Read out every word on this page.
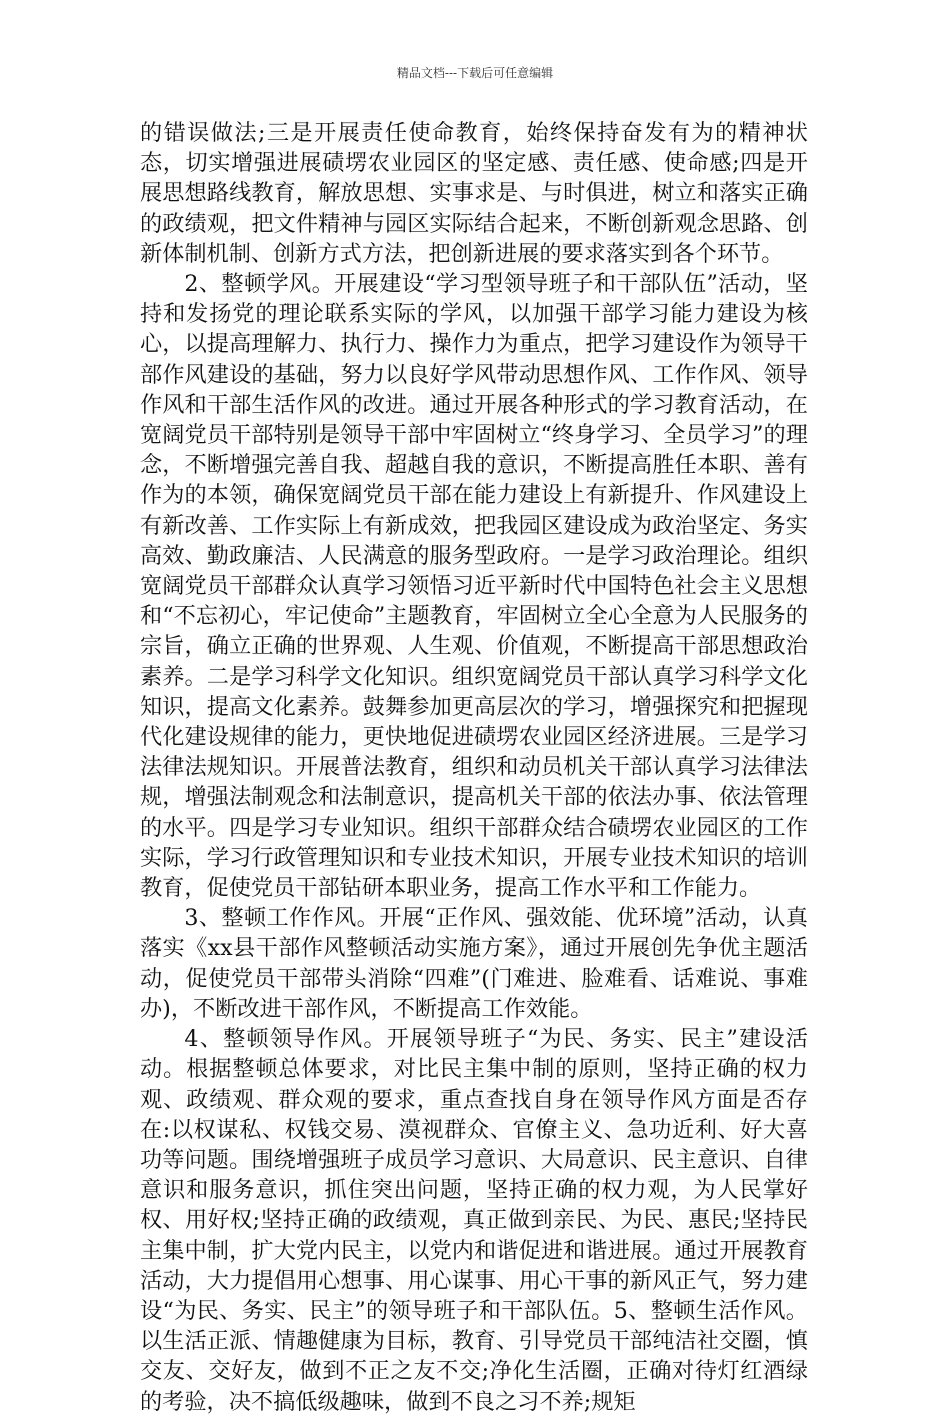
精品文档---下载后可任意编辑

的错误做法;三是开展责任使命教育，始终保持奋发有为的精神状态，切实增强进展碛塄农业园区的坚定感、责任感、使命感;四是开展思想路线教育，解放思想、实事求是、与时俱进，树立和落实正确的政绩观，把文件精神与园区实际结合起来，不断创新观念思路、创新体制机制、创新方式方法，把创新进展的要求落实到各个环节。

2、整顿学风。开展建设“学习型领导班子和干部队伍”活动，坚持和发扬党的理论联系实际的学风，以加强干部学习能力建设为核心，以提高理解力、执行力、操作力为重点，把学习建设作为领导干部作风建设的基础，努力以良好学风带动思想作风、工作作风、领导作风和干部生活作风的改进。通过开展各种形式的学习教育活动，在宽阔党员干部特别是领导干部中牢固树立“终身学习、全员学习”的理念，不断增强完善自我、超越自我的意识，不断提高胜任本职、善有作为的本领，确保宽阔党员干部在能力建设上有新提升、作风建设上有新改善、工作实际上有新成效，把我园区建设成为政治坚定、务实高效、勤政廉洁、人民满意的服务型政府。一是学习政治理论。组织宽阔党员干部群众认真学习领悟习近平新时代中国特色社会主义思想和“不忘初心，牢记使命”主题教育，牢固树立全心全意为人民服务的宗旨，确立正确的世界观、人生观、价值观，不断提高干部思想政治素养。二是学习科学文化知识。组织宽阔党员干部认真学习科学文化知识，提高文化素养。鼓舞参加更高层次的学习，增强探究和把握现代化建设规律的能力，更快地促进碛塄农业园区经济进展。三是学习法律法规知识。开展普法教育，组织和动员机关干部认真学习法律法规，增强法制观念和法制意识，提高机关干部的依法办事、依法管理的水平。四是学习专业知识。组织干部群众结合碛塄农业园区的工作实际，学习行政管理知识和专业技术知识，开展专业技术知识的培训教育，促使党员干部钻研本职业务，提高工作水平和工作能力。

3、整顿工作作风。开展“正作风、强效能、优环境”活动，认真落实《xx县干部作风整顿活动实施方案》，通过开展创先争优主题活动，促使党员干部带头消除“四难”(门难进、脸难看、话难说、事难办)，不断改进干部作风，不断提高工作效能。

4、整顿领导作风。开展领导班子“为民、务实、民主”建设活动。根据整顿总体要求，对比民主集中制的原则，坚持正确的权力观、政绩观、群众观的要求，重点查找自身在领导作风方面是否存在:以权谋私、权钱交易、漠视群众、官僚主义、急功近利、好大喜功等问题。围绕增强班子成员学习意识、大局意识、民主意识、自律意识和服务意识，抓住突出问题，坚持正确的权力观，为人民掌好权、用好权;坚持正确的政绩观，真正做到亲民、为民、惠民;坚持民主集中制，扩大党内民主，以党内和谐促进和谐进展。通过开展教育活动，大力提倡用心想事、用心谋事、用心干事的新风正气，努力建设“为民、务实、民主”的领导班子和干部队伍。5、整顿生活作风。以生活正派、情趣健康为目标，教育、引导党员干部纯洁社交圈，慎交友、交好友，做到不正之友不交;净化生活圈，正确对待灯红酒绿的考验，决不搞低级趣味，做到不良之习不养;规矩
